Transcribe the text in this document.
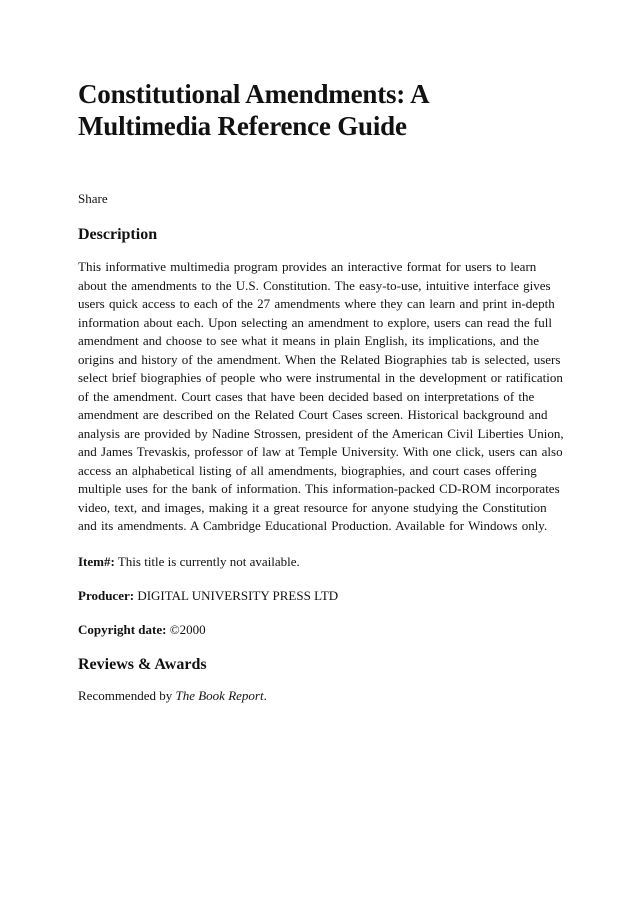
Constitutional Amendments: A Multimedia Reference Guide
Share
Description
This informative multimedia program provides an interactive format for users to learn about the amendments to the U.S. Constitution. The easy-to-use, intuitive interface gives users quick access to each of the 27 amendments where they can learn and print in-depth information about each. Upon selecting an amendment to explore, users can read the full amendment and choose to see what it means in plain English, its implications, and the origins and history of the amendment. When the Related Biographies tab is selected, users select brief biographies of people who were instrumental in the development or ratification of the amendment. Court cases that have been decided based on interpretations of the amendment are described on the Related Court Cases screen. Historical background and analysis are provided by Nadine Strossen, president of the American Civil Liberties Union, and James Trevaskis, professor of law at Temple University. With one click, users can also access an alphabetical listing of all amendments, biographies, and court cases offering multiple uses for the bank of information. This information-packed CD-ROM incorporates video, text, and images, making it a great resource for anyone studying the Constitution and its amendments. A Cambridge Educational Production. Available for Windows only.
Item#: This title is currently not available.
Producer: DIGITAL UNIVERSITY PRESS LTD
Copyright date: ©2000
Reviews & Awards
Recommended by The Book Report.
